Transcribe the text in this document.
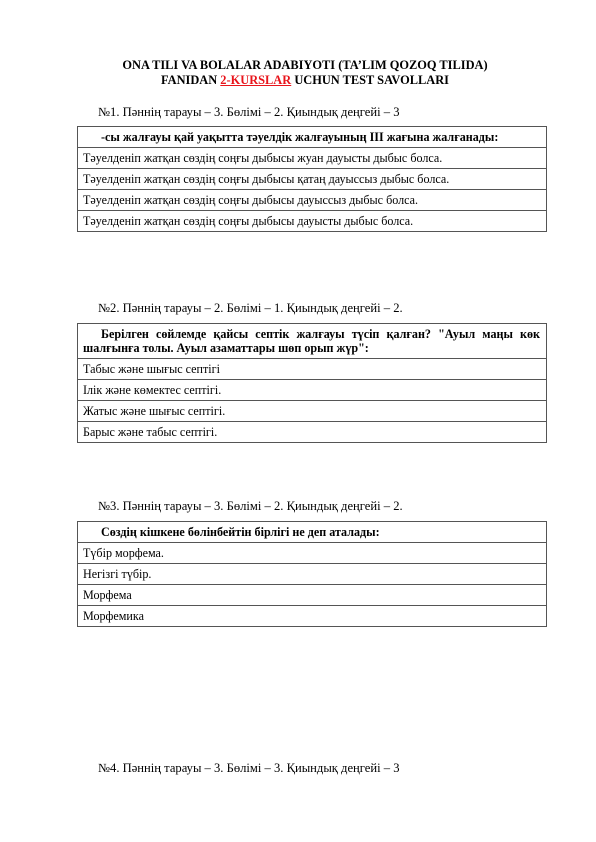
ONA TILI VA BOLALAR ADABIYOTI (TA’LIM QOZOQ TILIDA)
FANIDAN 2-KURSLAR UCHUN TEST SAVOLLARI
№1. Пәннің тарауы – 3. Бөлімі – 2. Қиындық деңгейі – 3
-сы жалғауы қай уақытта тәуелдік жалғауының ІІІ жағына жалғанады:
Тәуелденіп жатқан сөздің соңғы дыбысы жуан дауысты дыбыс болса.
Тәуелденіп жатқан сөздің соңғы дыбысы қатаң дауыссыз дыбыс болса.
Тәуелденіп жатқан сөздің соңғы дыбысы дауыссыз дыбыс болса.
Тәуелденіп жатқан сөздің соңғы дыбысы дауысты дыбыс болса.
№2. Пәннің тарауы – 2. Бөлімі – 1. Қиындық деңгейі – 2.
Берілген сөйлемде қайсы септік жалғауы түсіп қалған? "Ауыл маңы көк шалғынға толы. Ауыл азаматтары шөп орып жүр":
Табыс және шығыс септігі
Ілік және көмектес септігі.
Жатыс және шығыс септігі.
Барыс және табыс септігі.
№3. Пәннің тарауы – 3. Бөлімі – 2. Қиындық деңгейі – 2.
Сөздің кішкене бөлінбейтін бірлігі не деп аталады:
Түбір морфема.
Негізгі түбір.
Морфема
Морфемика
№4. Пәннің тарауы – 3. Бөлімі – 3. Қиындық деңгейі – 3
